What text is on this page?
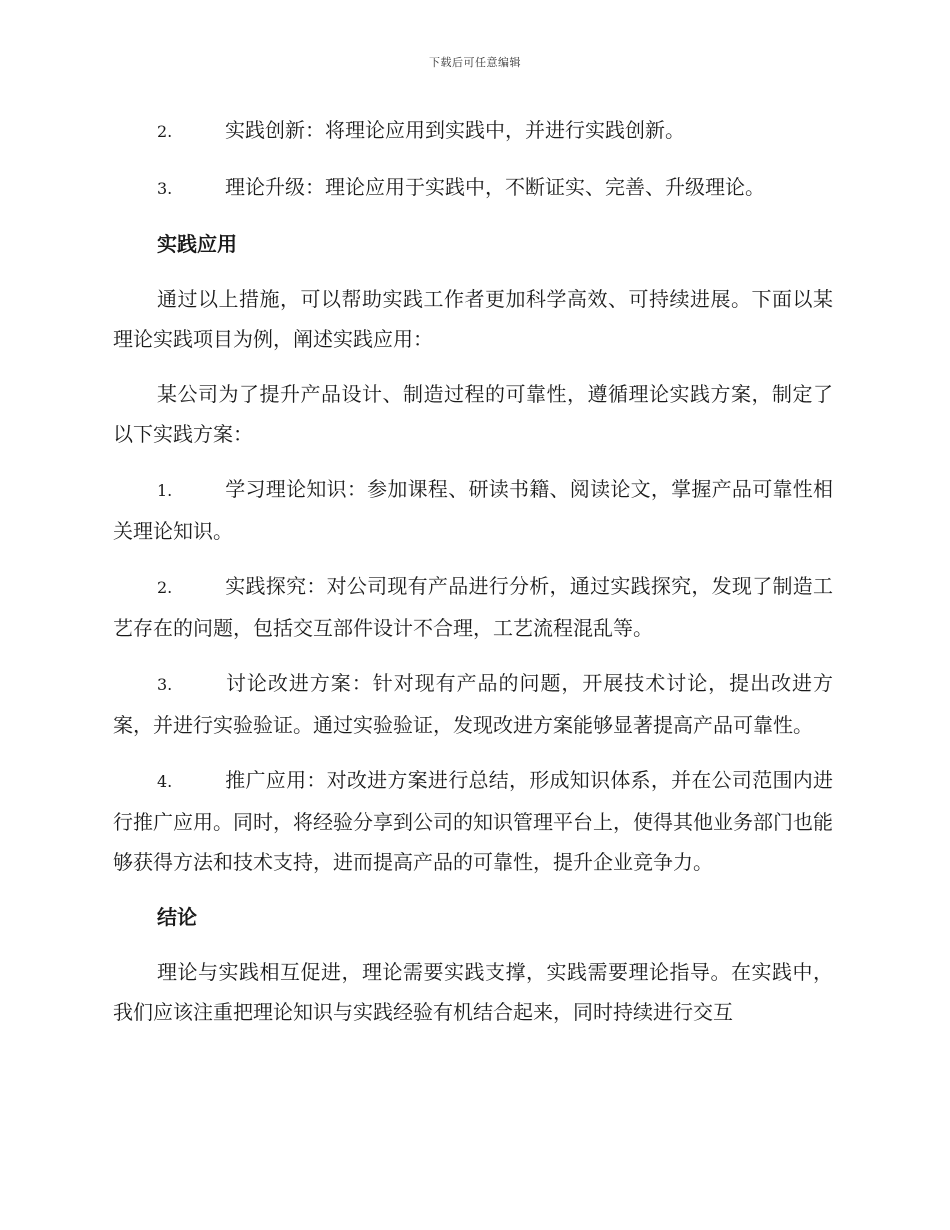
下载后可任意编辑
2.	实践创新：将理论应用到实践中，并进行实践创新。
3.	理论升级：理论应用于实践中，不断证实、完善、升级理论。
实践应用

通过以上措施，可以帮助实践工作者更加科学高效、可持续进展。下面以某理论实践项目为例，阐述实践应用：

某公司为了提升产品设计、制造过程的可靠性，遵循理论实践方案，制定了以下实践方案：

1.	学习理论知识：参加课程、研读书籍、阅读论文，掌握产品可靠性相关理论知识。
2.	实践探究：对公司现有产品进行分析，通过实践探究，发现了制造工艺存在的问题，包括交互部件设计不合理，工艺流程混乱等。
3.	讨论改进方案：针对现有产品的问题，开展技术讨论，提出改进方案，并进行实验验证。通过实验验证，发现改进方案能够显著提高产品可靠性。
4.	推广应用：对改进方案进行总结，形成知识体系，并在公司范围内进行推广应用。同时，将经验分享到公司的知识管理平台上，使得其他业务部门也能够获得方法和技术支持，进而提高产品的可靠性，提升企业竞争力。
结论

理论与实践相互促进，理论需要实践支撑，实践需要理论指导。在实践中，我们应该注重把理论知识与实践经验有机结合起来，同时持续进行交互
